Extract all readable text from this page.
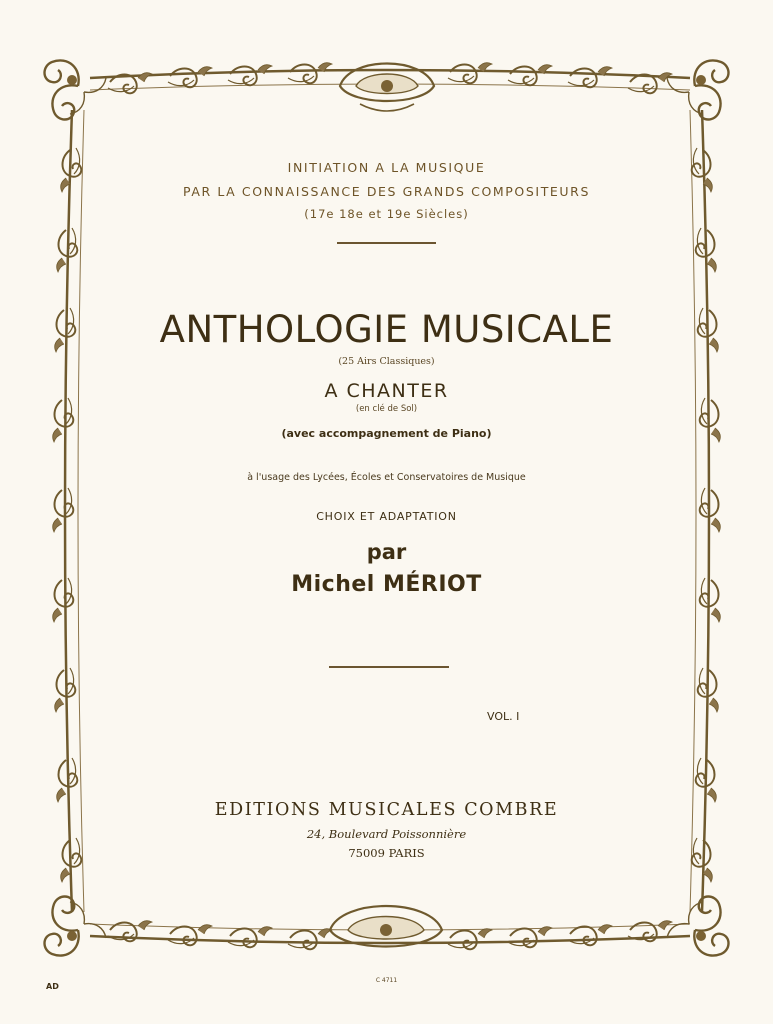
INITIATION A LA MUSIQUE
PAR LA CONNAISSANCE DES GRANDS COMPOSITEURS
(17e 18e et 19e Siècles)
ANTHOLOGIE MUSICALE
(25 Airs Classiques)
A CHANTER
(en clé de Sol)
(avec accompagnement de Piano)
à l'usage des Lycées, Écoles et Conservatoires de Musique
CHOIX ET ADAPTATION
par
Michel MÉRIOT
VOL. I
EDITIONS MUSICALES COMBRE
24, Boulevard Poissonnière
75009 PARIS
AD
C 4711
